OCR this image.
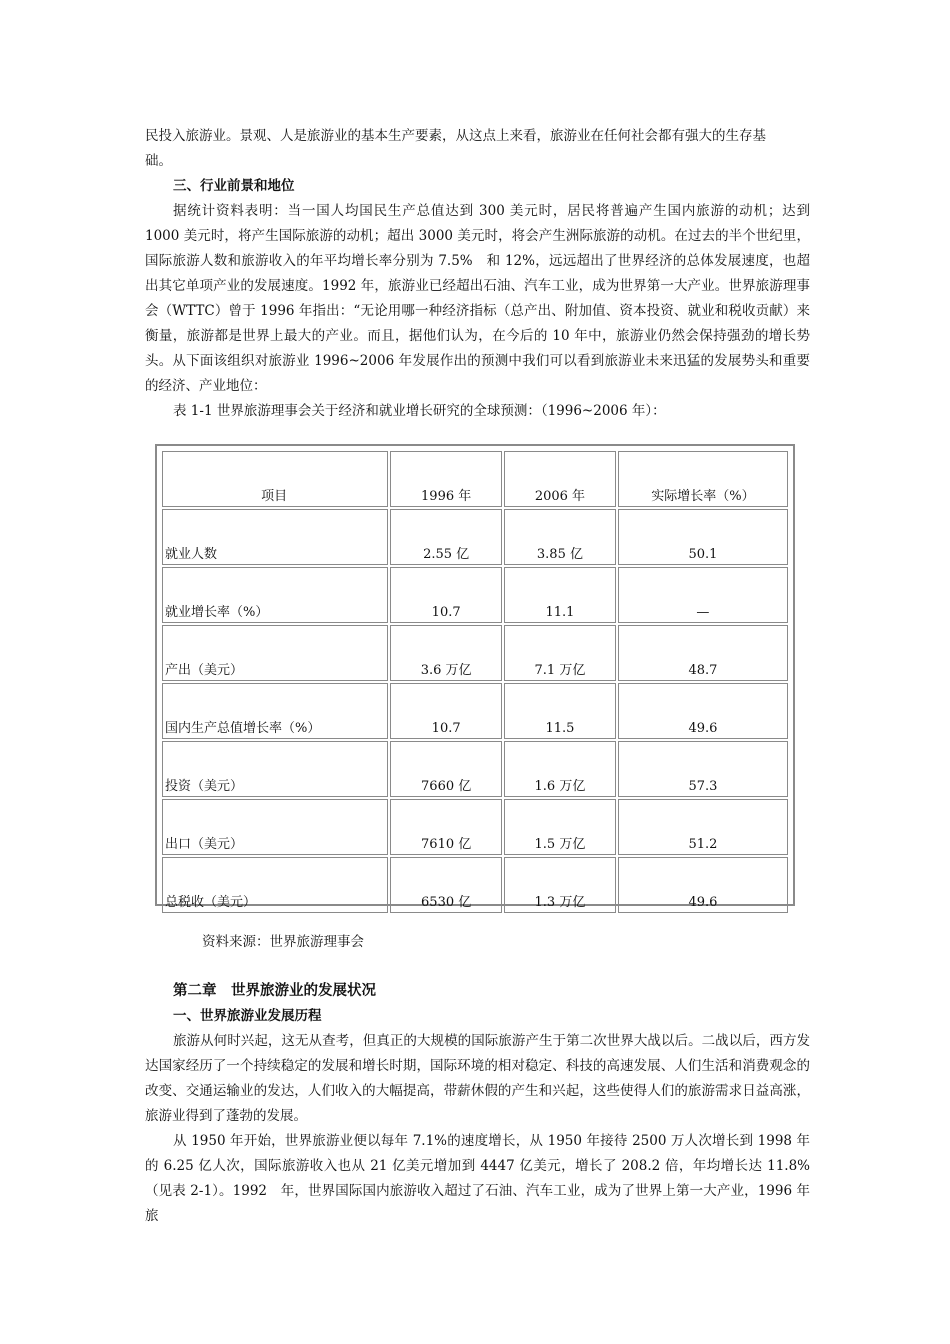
民投入旅游业。景观、人是旅游业的基本生产要素，从这点上来看，旅游业在任何社会都有强大的生存基
础。
三、行业前景和地位
据统计资料表明：当一国人均国民生产总值达到 300 美元时，居民将普遍产生国内旅游的动机；达到 1000 美元时，将产生国际旅游的动机；超出 3000 美元时，将会产生洲际旅游的动机。在过去的半个世纪里，国际旅游人数和旅游收入的年平均增长率分别为 7.5%　和 12%，远远超出了世界经济的总体发展速度，也超出其它单项产业的发展速度。1992 年，旅游业已经超出石油、汽车工业，成为世界第一大产业。世界旅游理事会（WTTC）曾于 1996 年指出：“无论用哪一种经济指标（总产出、附加值、资本投资、就业和税收贡献）来衡量，旅游都是世界上最大的产业。而且，据他们认为，在今后的 10 年中，旅游业仍然会保持强劲的增长势头。从下面该组织对旅游业 1996~2006 年发展作出的预测中我们可以看到旅游业未来迅猛的发展势头和重要的经济、产业地位：
表 1-1 世界旅游理事会关于经济和就业增长研究的全球预测：（1996~2006 年）：
项目	1996 年	2006 年	实际增长率（%）
就业人数	2.55 亿	3.85 亿	50.1
就业增长率（%）	10.7	11.1	—
产出（美元）	3.6 万亿	7.1 万亿	48.7
国内生产总值增长率（%）	10.7	11.5	49.6
投资（美元）	7660 亿	1.6 万亿	57.3
出口（美元）	7610 亿	1.5 万亿	51.2
总税收（美元）	6530 亿	1.3 万亿	49.6
资料来源：世界旅游理事会
第二章　世界旅游业的发展状况
一、世界旅游业发展历程
旅游从何时兴起，这无从查考，但真正的大规模的国际旅游产生于第二次世界大战以后。二战以后，西方发达国家经历了一个持续稳定的发展和增长时期，国际环境的相对稳定、科技的高速发展、人们生活和消费观念的改变、交通运输业的发达，人们收入的大幅提高，带薪休假的产生和兴起，这些使得人们的旅游需求日益高涨，旅游业得到了蓬勃的发展。
从 1950 年开始，世界旅游业便以每年 7.1%的速度增长，从 1950 年接待 2500 万人次增长到 1998 年的 6.25 亿人次，国际旅游收入也从 21 亿美元增加到 4447 亿美元，增长了 208.2 倍，年均增长达 11.8%（见表 2-1）。1992　年，世界国际国内旅游收入超过了石油、汽车工业，成为了世界上第一大产业，1996 年旅
